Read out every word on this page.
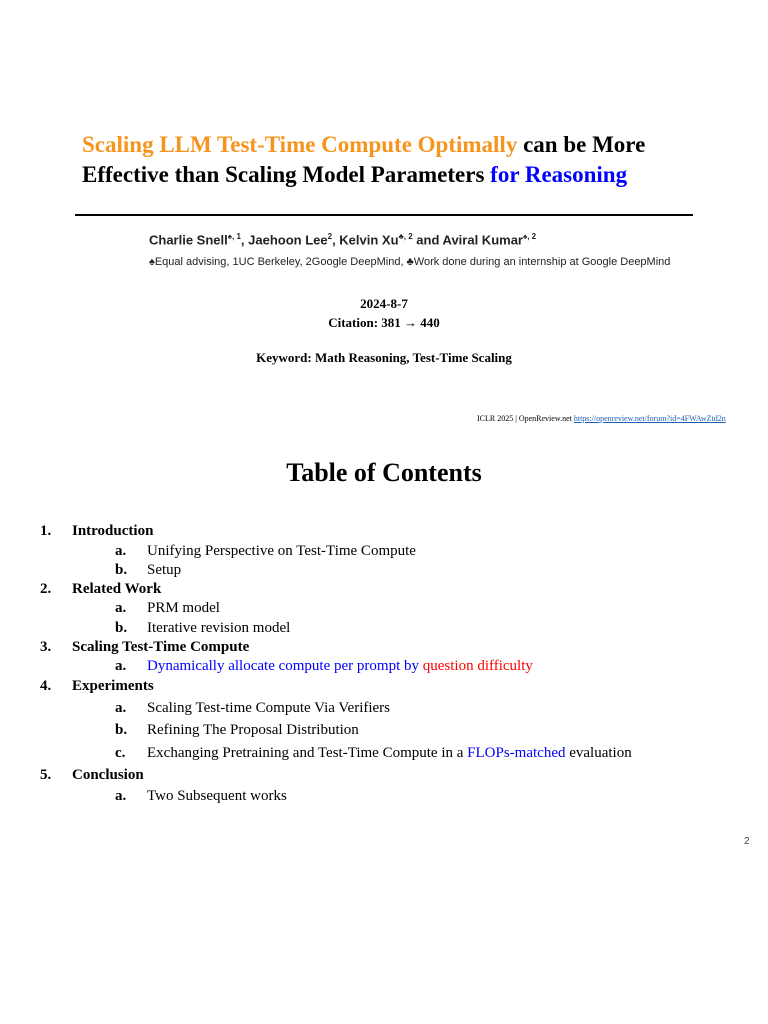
Scaling LLM Test-Time Compute Optimally can be More Effective than Scaling Model Parameters for Reasoning
Charlie Snell$^{♠, 1}$, Jaehoon Lee$^2$, Kelvin $Xu^{♣, 2}$ and Aviral Kumar$^{♠, 2}$
♠Equal advising, 1UC Berkeley, 2Google DeepMind, ♣Work done during an internship at Google DeepMind
2024-8-7
Citation: 381 → 440
Keyword: Math Reasoning, Test-Time Scaling
ICLR 2025 | OpenReview.net https://openreview.net/forum?id=4FWAwZtd2n
Table of Contents
1. Introduction
a. Unifying Perspective on Test-Time Compute
b. Setup
2. Related Work
a. PRM model
b. Iterative revision model
3. Scaling Test-Time Compute
a. Dynamically allocate compute per prompt by question difficulty
4. Experiments
a. Scaling Test-time Compute Via Verifiers
b. Refining The Proposal Distribution
c. Exchanging Pretraining and Test-Time Compute in a FLOPs-matched evaluation
5. Conclusion
a. Two Subsequent works
2
